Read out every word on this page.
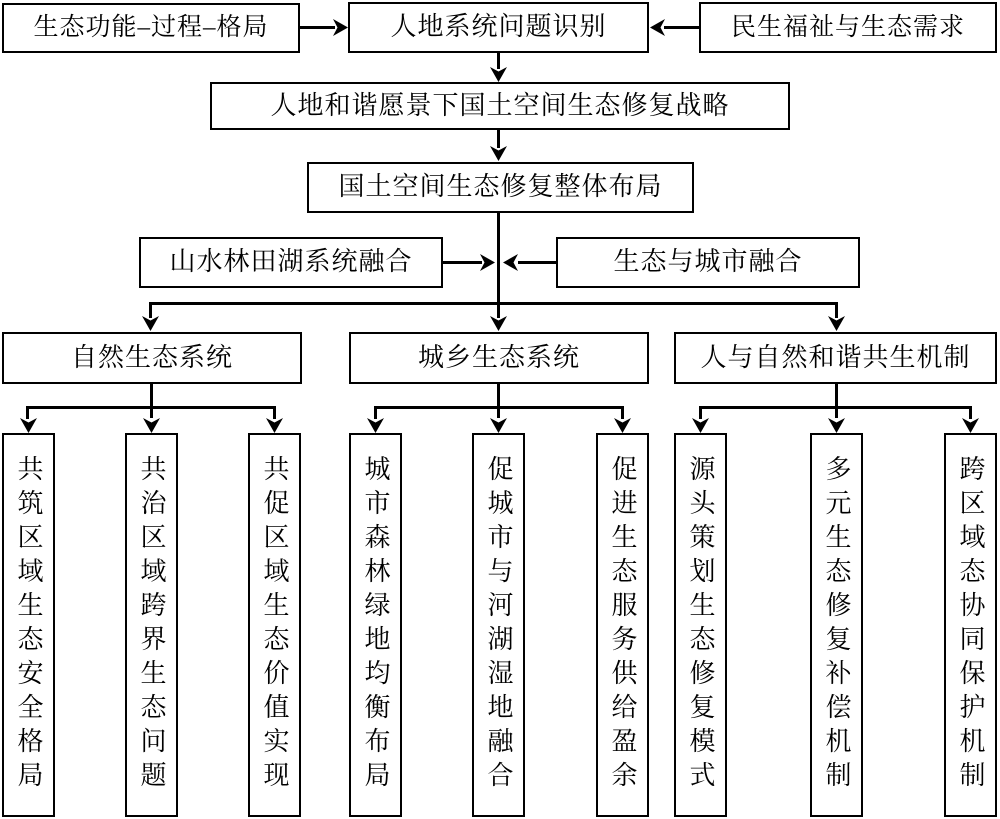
生态功能–过程–格局	人地系统问题识别	民生福祉与生态需求
人地和谐愿景下国土空间生态修复战略
国土空间生态修复整体布局
山水林田湖系统融合	生态与城市融合
自然生态系统	城乡生态系统	人与自然和谐共生机制
共筑区域生态安全格局	共治区域跨界生态问题	共促区域生态价值实现	城市森林绿地均衡布局	促城市与河湖湿地融合	促进生态服务供给盈余	源头策划生态修复模式	多元生态修复补偿机制	跨区域态协同保护机制
